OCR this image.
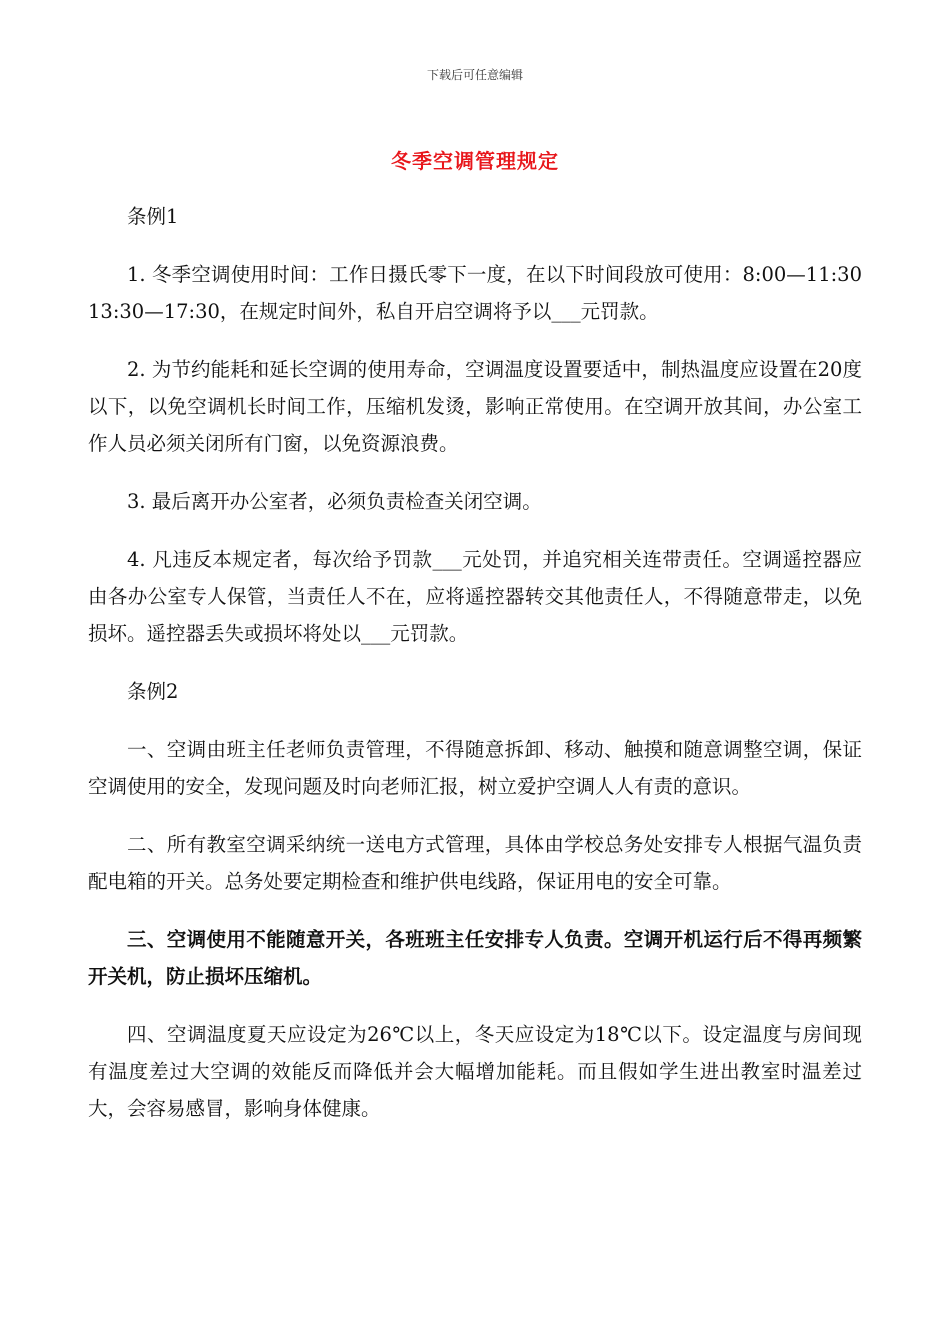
下载后可任意编辑
冬季空调管理规定

条例1

1. 冬季空调使用时间：工作日摄氏零下一度，在以下时间段放可使用：8:00—11:30 13:30—17:30，在规定时间外，私自开启空调将予以___元罚款。

2. 为节约能耗和延长空调的使用寿命，空调温度设置要适中，制热温度应设置在20度以下，以免空调机长时间工作，压缩机发烫，影响正常使用。在空调开放其间，办公室工作人员必须关闭所有门窗，以免资源浪费。

3. 最后离开办公室者，必须负责检查关闭空调。

4. 凡违反本规定者，每次给予罚款___元处罚，并追究相关连带责任。空调遥控器应由各办公室专人保管，当责任人不在，应将遥控器转交其他责任人，不得随意带走，以免损坏。遥控器丢失或损坏将处以___元罚款。

条例2

一、空调由班主任老师负责管理，不得随意拆卸、移动、触摸和随意调整空调，保证空调使用的安全，发现问题及时向老师汇报，树立爱护空调人人有责的意识。

二、所有教室空调采纳统一送电方式管理，具体由学校总务处安排专人根据气温负责配电箱的开关。总务处要定期检查和维护供电线路，保证用电的安全可靠。

三、空调使用不能随意开关，各班班主任安排专人负责。空调开机运行后不得再频繁开关机，防止损坏压缩机。

四、空调温度夏天应设定为26℃以上，冬天应设定为18℃以下。设定温度与房间现有温度差过大空调的效能反而降低并会大幅增加能耗。而且假如学生进出教室时温差过大，会容易感冒，影响身体健康。
